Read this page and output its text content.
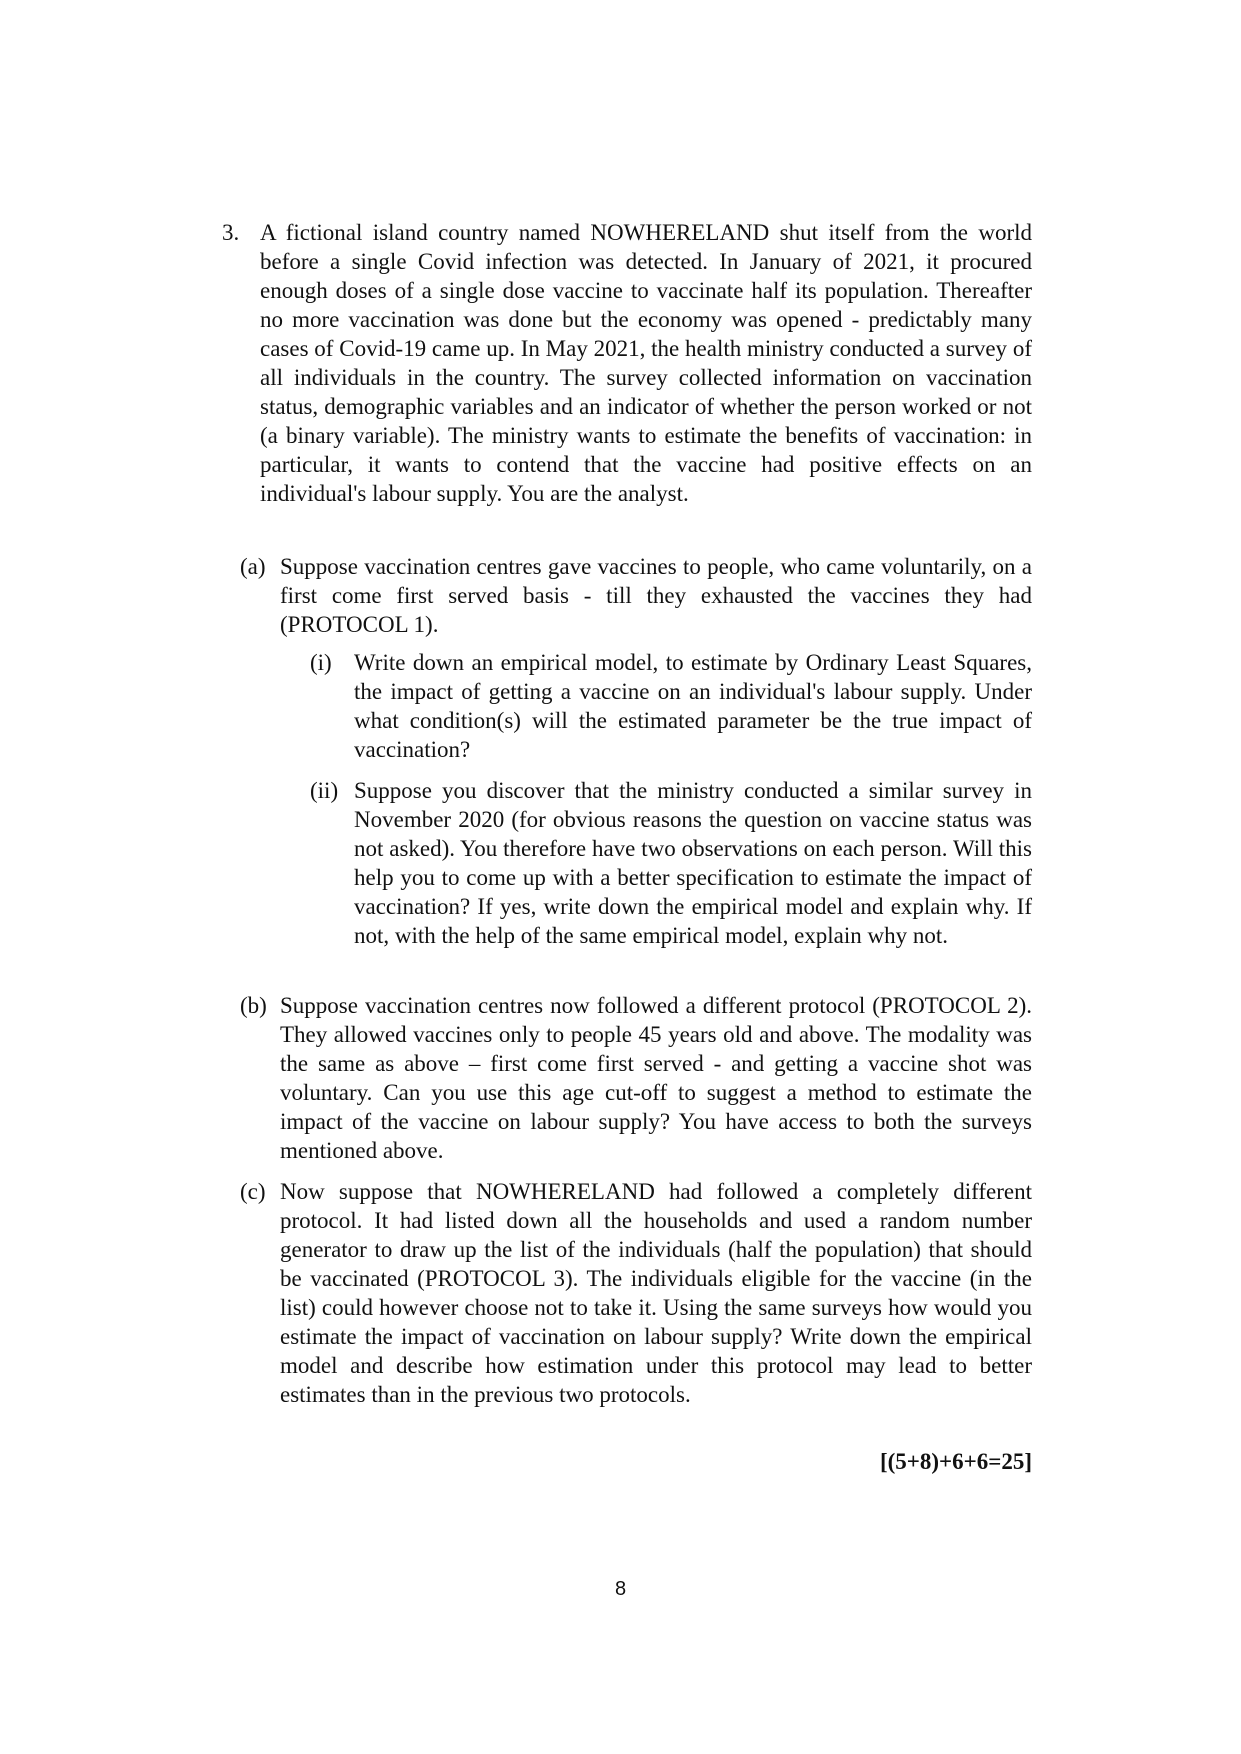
3. A fictional island country named NOWHERELAND shut itself from the world before a single Covid infection was detected. In January of 2021, it procured enough doses of a single dose vaccine to vaccinate half its population. Thereafter no more vaccination was done but the economy was opened - predictably many cases of Covid-19 came up. In May 2021, the health ministry conducted a survey of all individuals in the country. The survey collected information on vaccination status, demographic variables and an indicator of whether the person worked or not (a binary variable). The ministry wants to estimate the benefits of vaccination: in particular, it wants to contend that the vaccine had positive effects on an individual's labour supply. You are the analyst.
(a) Suppose vaccination centres gave vaccines to people, who came voluntarily, on a first come first served basis - till they exhausted the vaccines they had (PROTOCOL 1).
(i) Write down an empirical model, to estimate by Ordinary Least Squares, the impact of getting a vaccine on an individual's labour supply. Under what condition(s) will the estimated parameter be the true impact of vaccination?
(ii) Suppose you discover that the ministry conducted a similar survey in November 2020 (for obvious reasons the question on vaccine status was not asked). You therefore have two observations on each person. Will this help you to come up with a better specification to estimate the impact of vaccination? If yes, write down the empirical model and explain why. If not, with the help of the same empirical model, explain why not.
(b) Suppose vaccination centres now followed a different protocol (PROTOCOL 2). They allowed vaccines only to people 45 years old and above. The modality was the same as above – first come first served - and getting a vaccine shot was voluntary. Can you use this age cut-off to suggest a method to estimate the impact of the vaccine on labour supply? You have access to both the surveys mentioned above.
(c) Now suppose that NOWHERELAND had followed a completely different protocol. It had listed down all the households and used a random number generator to draw up the list of the individuals (half the population) that should be vaccinated (PROTOCOL 3). The individuals eligible for the vaccine (in the list) could however choose not to take it. Using the same surveys how would you estimate the impact of vaccination on labour supply? Write down the empirical model and describe how estimation under this protocol may lead to better estimates than in the previous two protocols.
[(5+8)+6+6=25]
8
